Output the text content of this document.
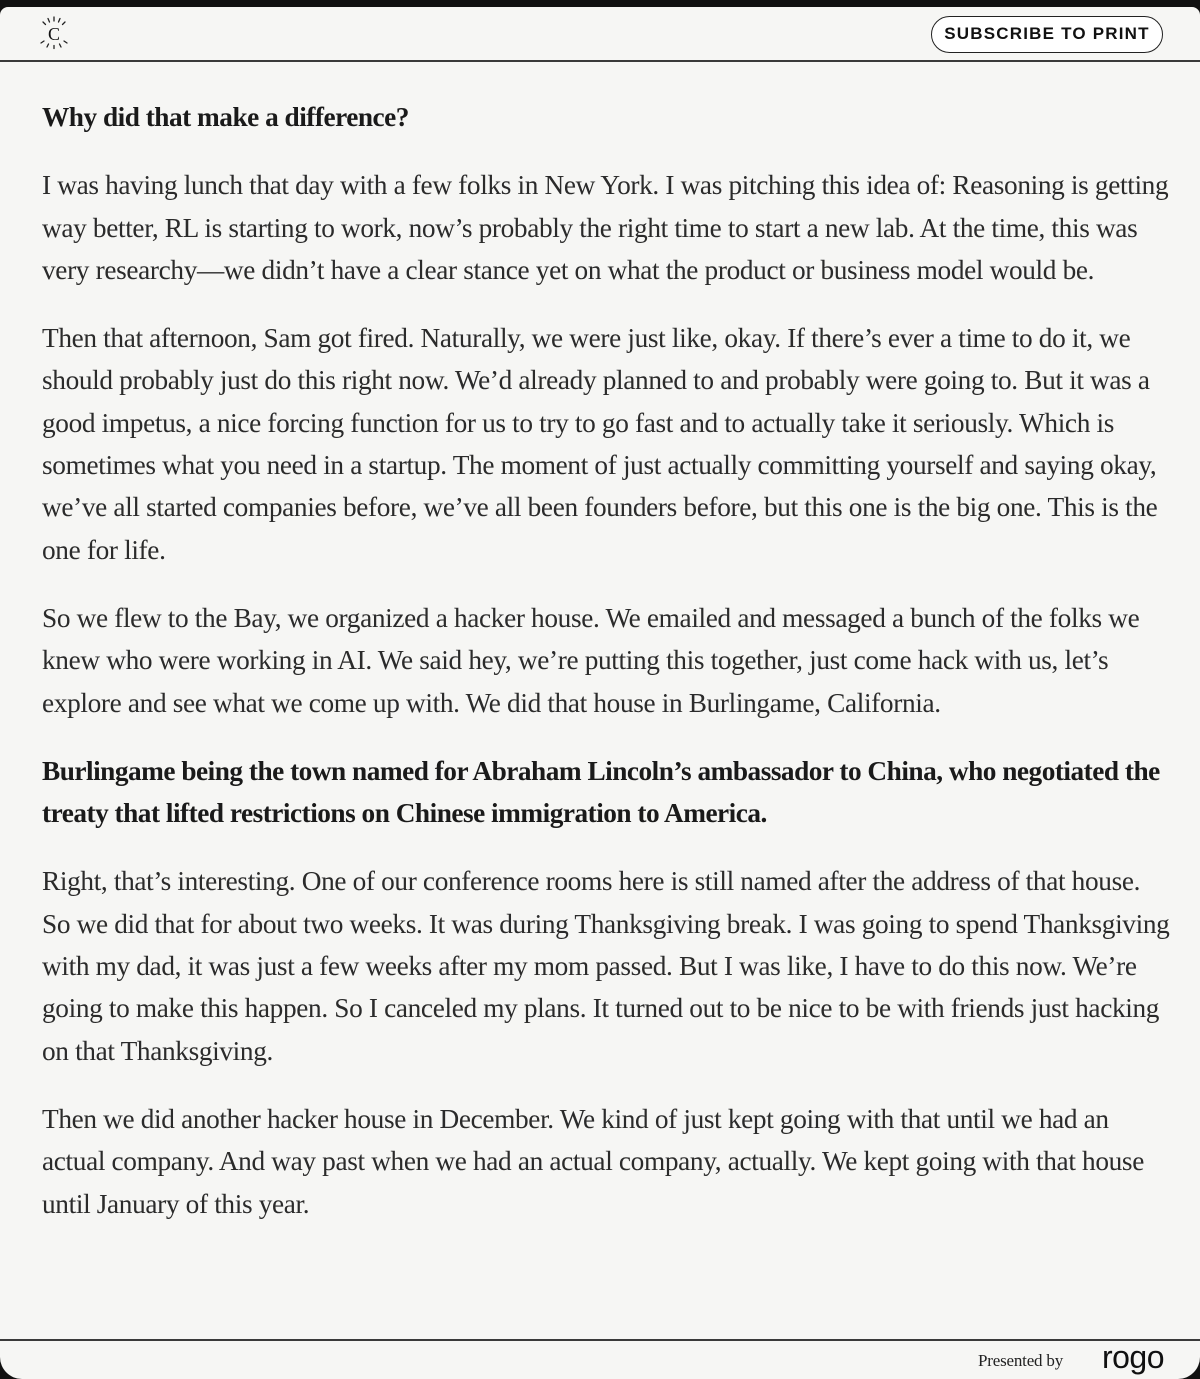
C	SUBSCRIBE TO PRINT

Why did that make a difference?

I was having lunch that day with a few folks in New York. I was pitching this idea of: Reasoning is getting way better, RL is starting to work, now’s probably the right time to start a new lab. At the time, this was very researchy—we didn’t have a clear stance yet on what the product or business model would be.

Then that afternoon, Sam got fired. Naturally, we were just like, okay. If there’s ever a time to do it, we should probably just do this right now. We’d already planned to and probably were going to. But it was a good impetus, a nice forcing function for us to try to go fast and to actually take it seriously. Which is sometimes what you need in a startup. The moment of just actually committing yourself and saying okay, we’ve all started companies before, we’ve all been founders before, but this one is the big one. This is the one for life.

So we flew to the Bay, we organized a hacker house. We emailed and messaged a bunch of the folks we knew who were working in AI. We said hey, we’re putting this together, just come hack with us, let’s explore and see what we come up with. We did that house in Burlingame, California.

Burlingame being the town named for Abraham Lincoln’s ambassador to China, who negotiated the treaty that lifted restrictions on Chinese immigration to America.

Right, that’s interesting. One of our conference rooms here is still named after the address of that house. So we did that for about two weeks. It was during Thanksgiving break. I was going to spend Thanksgiving with my dad, it was just a few weeks after my mom passed. But I was like, I have to do this now. We’re going to make this happen. So I canceled my plans. It turned out to be nice to be with friends just hacking on that Thanksgiving.

Then we did another hacker house in December. We kind of just kept going with that until we had an actual company. And way past when we had an actual company, actually. We kept going with that house until January of this year.

Presented by rogo
